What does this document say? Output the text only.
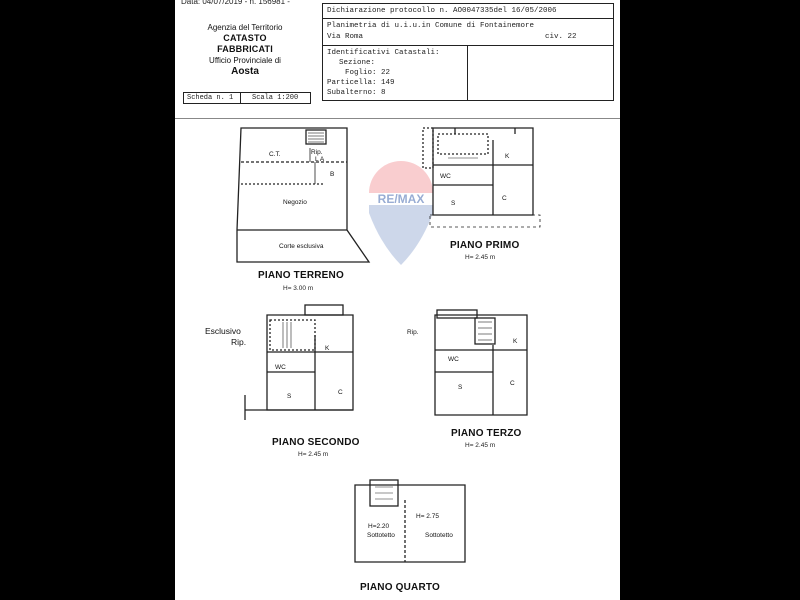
Data: 04/07/2019 - n. 156981 -
Agenzia del Territorio
CATASTO FABBRICATI
Ufficio Provinciale di
Aosta
Dichiarazione protocollo n. AO0047335del 16/05/2006
Planimetria di u.i.u.in Comune di Fontainemore
Via Roma	civ. 22
Identificativi Catastali:
Sezione:
Foglio: 22
Particella: 149
Subalterno: 8
Scheda n. 1	Scala 1:200
RE/MAX
C.T.	Rip.
L A
B
Negozio
Corte esclusiva
K
WC
S
C
K
WC
S
C
Rip.
K
WC
S
C
H=2.20
H= 2.75
Sottotetto	Sottotetto
Esclusivo
Rip.
PIANO TERRENO
H= 3.00 m
PIANO PRIMO
H= 2.45 m
PIANO SECONDO
H= 2.45 m
PIANO TERZO
H= 2.45 m
PIANO QUARTO
